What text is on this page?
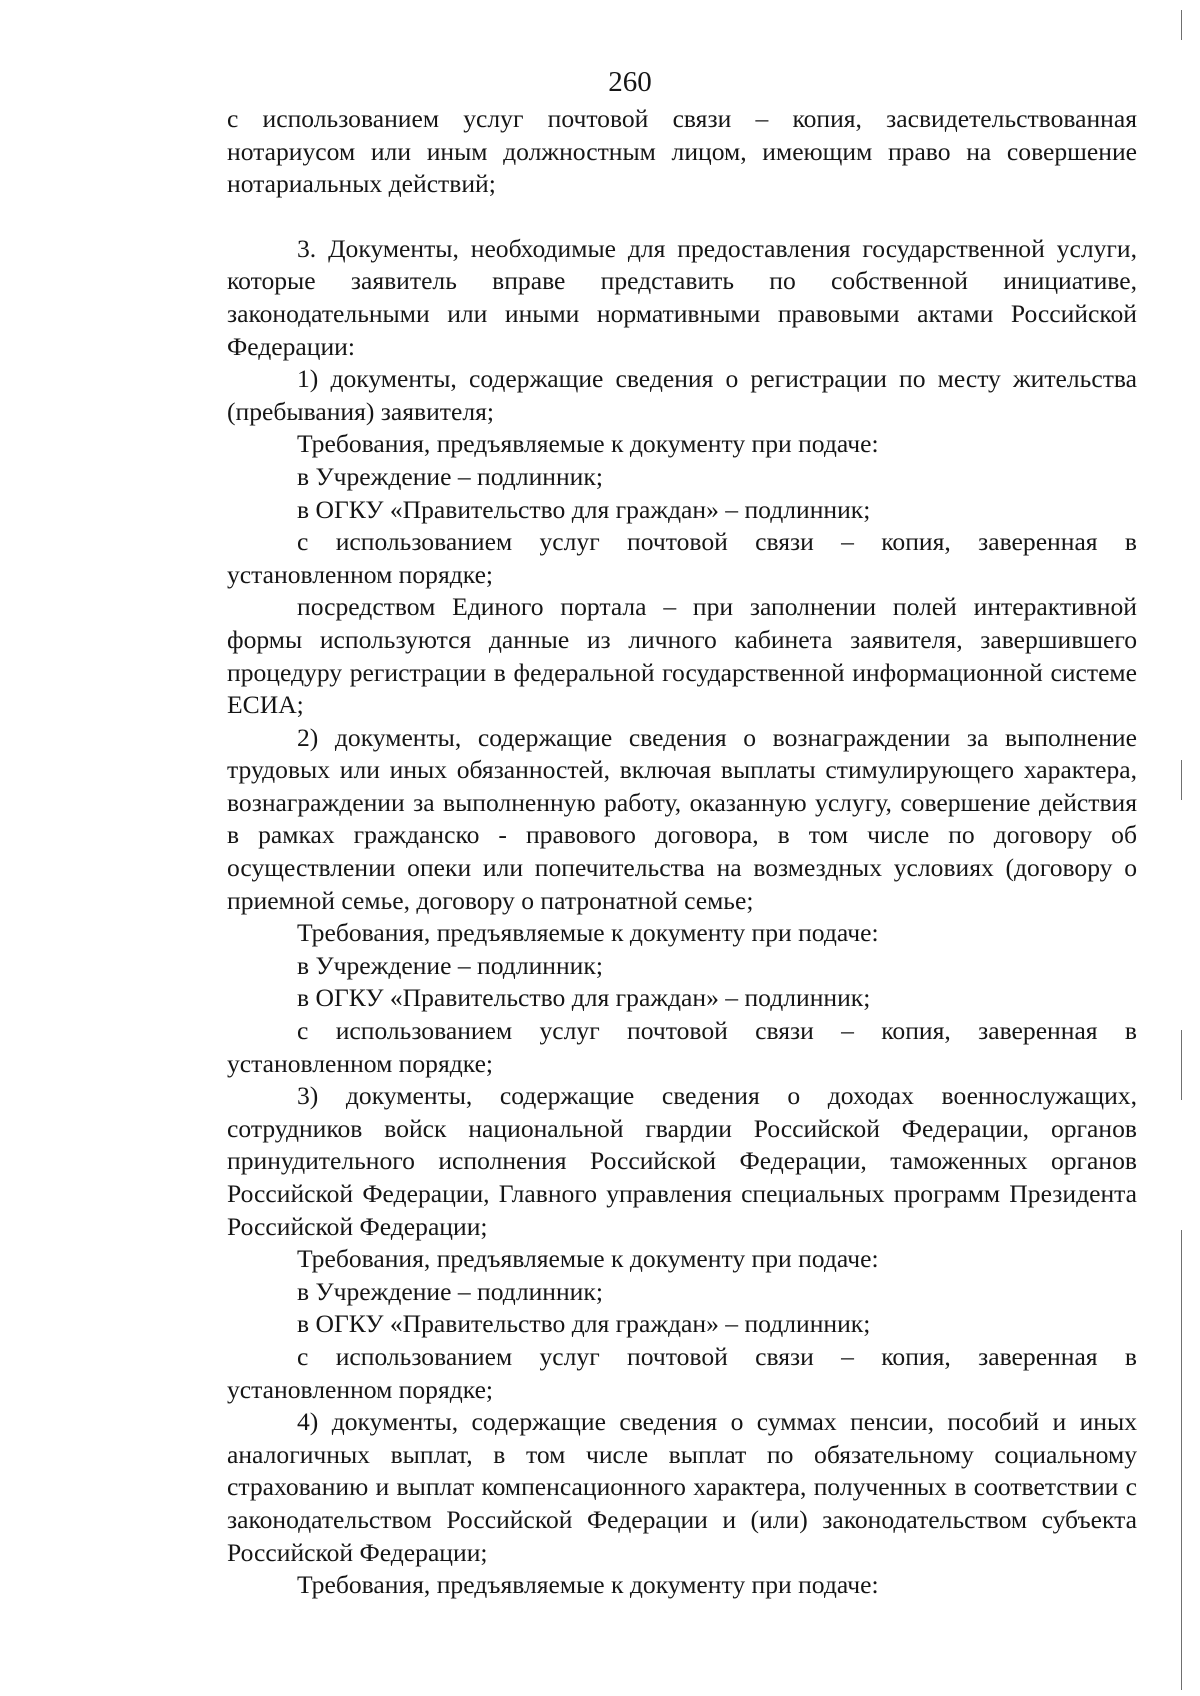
260

с использованием услуг почтовой связи – копия, засвидетельствованная нотариусом или иным должностным лицом, имеющим право на совершение нотариальных действий;

3. Документы, необходимые для предоставления государственной услуги, которые заявитель вправе представить по собственной инициативе, законодательными или иными нормативными правовыми актами Российской Федерации:

1) документы, содержащие сведения о регистрации по месту жительства (пребывания) заявителя;

Требования, предъявляемые к документу при подаче:

в Учреждение – подлинник;

в ОГКУ «Правительство для граждан» – подлинник;

с использованием услуг почтовой связи – копия, заверенная в установленном порядке;

посредством Единого портала – при заполнении полей интерактивной формы используются данные из личного кабинета заявителя, завершившего процедуру регистрации в федеральной государственной информационной системе ЕСИА;

2) документы, содержащие сведения о вознаграждении за выполнение трудовых или иных обязанностей, включая выплаты стимулирующего характера, вознаграждении за выполненную работу, оказанную услугу, совершение действия в рамках гражданско - правового договора, в том числе по договору об осуществлении опеки или попечительства на возмездных условиях (договору о приемной семье, договору о патронатной семье;

Требования, предъявляемые к документу при подаче:

в Учреждение – подлинник;

в ОГКУ «Правительство для граждан» – подлинник;

с использованием услуг почтовой связи – копия, заверенная в установленном порядке;

3) документы, содержащие сведения о доходах военнослужащих, сотрудников войск национальной гвардии Российской Федерации, органов принудительного исполнения Российской Федерации, таможенных органов Российской Федерации, Главного управления специальных программ Президента Российской Федерации;

Требования, предъявляемые к документу при подаче:

в Учреждение – подлинник;

в ОГКУ «Правительство для граждан» – подлинник;

с использованием услуг почтовой связи – копия, заверенная в установленном порядке;

4) документы, содержащие сведения о суммах пенсии, пособий и иных аналогичных выплат, в том числе выплат по обязательному социальному страхованию и выплат компенсационного характера, полученных в соответствии с законодательством Российской Федерации и (или) законодательством субъекта Российской Федерации;

Требования, предъявляемые к документу при подаче:
